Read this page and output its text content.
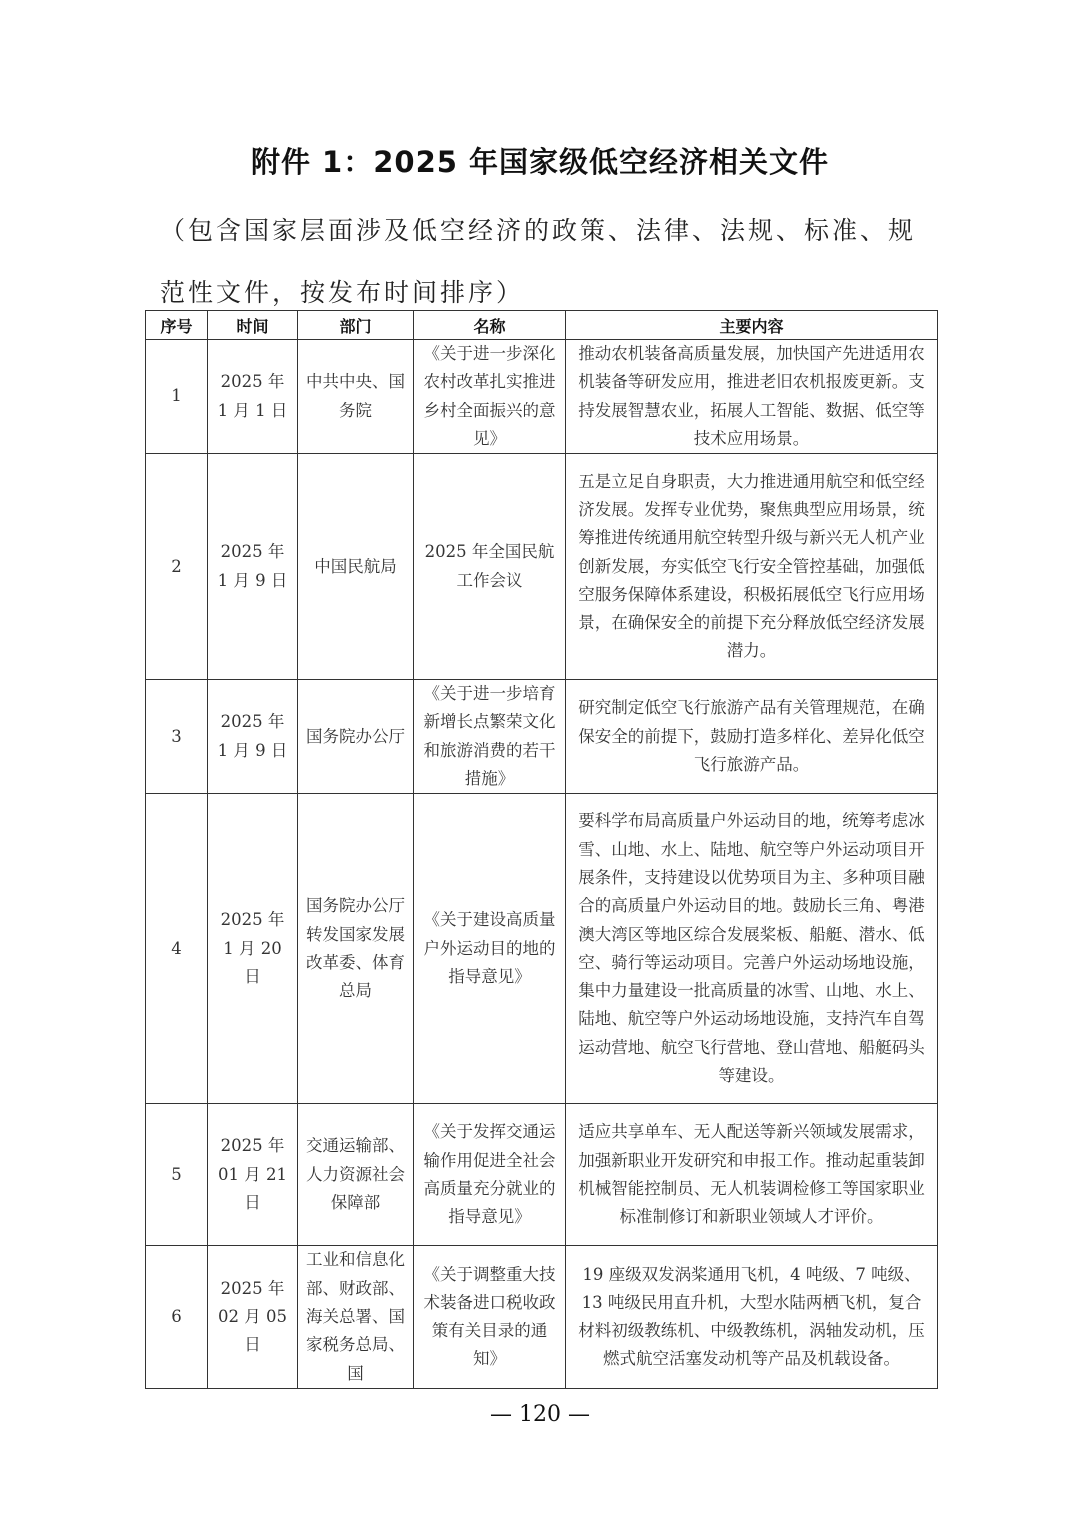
附件 1：2025 年国家级低空经济相关文件
（包含国家层面涉及低空经济的政策、法律、法规、标准、规范性文件，按发布时间排序）
序号	时间	部门	名称	主要内容
1	2025 年 1 月 1 日	中共中央、国务院	《关于进一步深化农村改革扎实推进乡村全面振兴的意见》	推动农机装备高质量发展，加快国产先进适用农机装备等研发应用，推进老旧农机报废更新。支持发展智慧农业，拓展人工智能、数据、低空等技术应用场景。
2	2025 年 1 月 9 日	中国民航局	2025 年全国民航工作会议	五是立足自身职责，大力推进通用航空和低空经济发展。发挥专业优势，聚焦典型应用场景，统筹推进传统通用航空转型升级与新兴无人机产业创新发展，夯实低空飞行安全管控基础，加强低空服务保障体系建设，积极拓展低空飞行应用场景，在确保安全的前提下充分释放低空经济发展潜力。
3	2025 年 1 月 9 日	国务院办公厅	《关于进一步培育新增长点繁荣文化和旅游消费的若干措施》	研究制定低空飞行旅游产品有关管理规范，在确保安全的前提下，鼓励打造多样化、差异化低空飞行旅游产品。
4	2025 年 1 月 20 日	国务院办公厅转发国家发展改革委、体育总局	《关于建设高质量户外运动目的地的指导意见》	要科学布局高质量户外运动目的地，统筹考虑冰雪、山地、水上、陆地、航空等户外运动项目开展条件，支持建设以优势项目为主、多种项目融合的高质量户外运动目的地。鼓励长三角、粤港澳大湾区等地区综合发展桨板、船艇、潜水、低空、骑行等运动项目。完善户外运动场地设施，集中力量建设一批高质量的冰雪、山地、水上、陆地、航空等户外运动场地设施，支持汽车自驾运动营地、航空飞行营地、登山营地、船艇码头等建设。
5	2025 年 01 月 21 日	交通运输部、人力资源社会保障部	《关于发挥交通运输作用促进全社会高质量充分就业的指导意见》	适应共享单车、无人配送等新兴领域发展需求，加强新职业开发研究和申报工作。推动起重装卸机械智能控制员、无人机装调检修工等国家职业标准制修订和新职业领域人才评价。
6	2025 年 02 月 05 日	工业和信息化部、财政部、海关总署、国家税务总局、国	《关于调整重大技术装备进口税收政策有关目录的通知》	19 座级双发涡桨通用飞机，4 吨级、7 吨级、13 吨级民用直升机，大型水陆两栖飞机，复合材料初级教练机、中级教练机，涡轴发动机，压燃式航空活塞发动机等产品及机载设备。
— 120 —
